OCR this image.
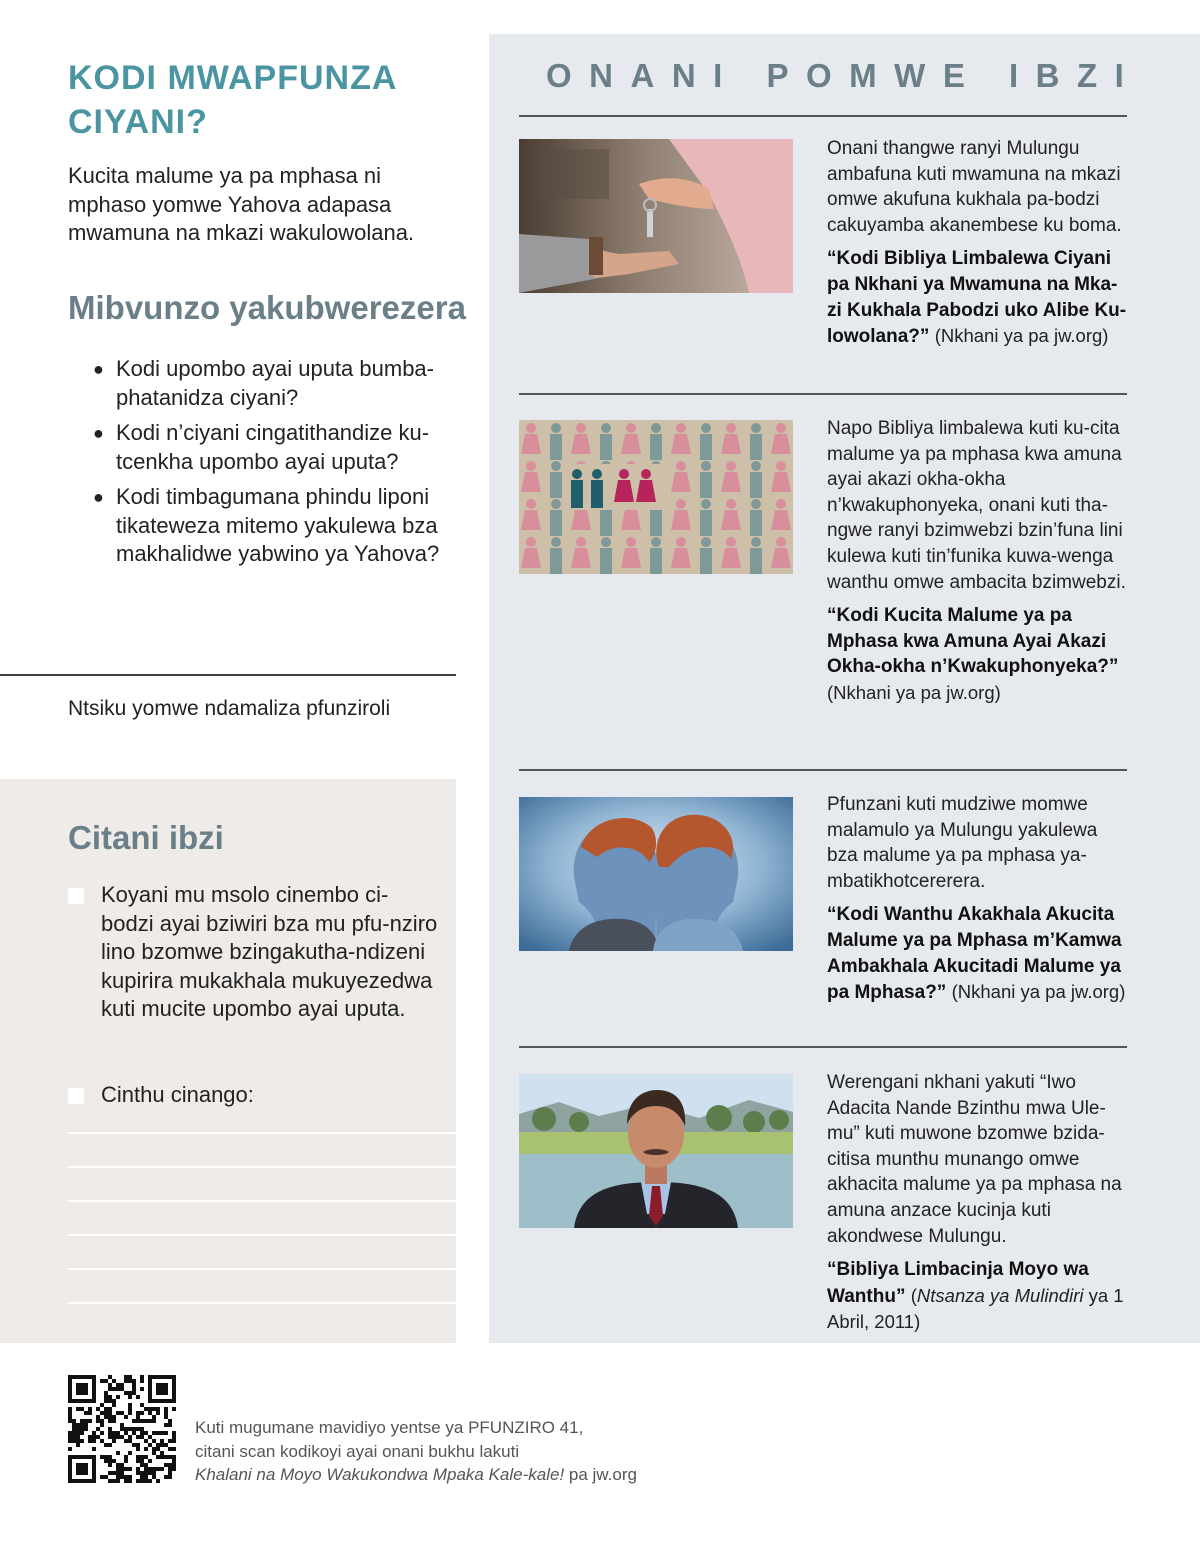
KODI MWAPFUNZA CIYANI?

Kucita malume ya pa mphasa ni mphaso yomwe Yahova adapasa mwamuna na mkazi wakulowolana.

Mibvunzo yakubwerezera
● Kodi upombo ayai uputa bumba-phatanidza ciyani?
● Kodi n’ciyani cingatithandize ku-tcenkha upombo ayai uputa?
● Kodi timbagumana phindu liponi tikateweza mitemo yakulewa bza makhalidwe yabwino ya Yahova?

Ntsiku yomwe ndamaliza pfunziroli

Citani ibzi
Koyani mu msolo cinembo ci-bodzi ayai bziwiri bza mu pfu-nziro lino bzomwe bzingakutha-ndizeni kupirira mukakhala mukuyezedwa kuti mucite upombo ayai uputa.
Cinthu cinango:
ONANI POMWE IBZI

Onani thangwe ranyi Mulungu ambafuna kuti mwamuna na mkazi omwe akufuna kukhala pa-bodzi cakuyamba akanembese ku boma.

“Kodi Bibliya Limbalewa Ciyani pa Nkhani ya Mwamuna na Mka-zi Kukhala Pabodzi uko Alibe Ku-lowolana?” (Nkhani ya pa jw.org)

Napo Bibliya limbalewa kuti ku-cita malume ya pa mphasa kwa amuna ayai akazi okha-okha n’kwakuphonyeka, onani kuti tha-ngwe ranyi bzimwebzi bzin’funa lini kulewa kuti tin’funika kuwa-wenga wanthu omwe ambacita bzimwebzi.

“Kodi Kucita Malume ya pa Mphasa kwa Amuna Ayai Akazi Okha-okha n’Kwakuphonyeka?” (Nkhani ya pa jw.org)

Pfunzani kuti mudziwe momwe malamulo ya Mulungu yakulewa bza malume ya pa mphasa ya-mbatikhotcererera.

“Kodi Wanthu Akakhala Akucita Malume ya pa Mphasa m’Kamwa Ambakhala Akucitadi Malume ya pa Mphasa?” (Nkhani ya pa jw.org)

Werengani nkhani yakuti “Iwo Adacita Nande Bzinthu mwa Ule-mu” kuti muwone bzomwe bzida-citisa munthu munango omwe akhacita malume ya pa mphasa na amuna anzace kucinja kuti akondwese Mulungu.

“Bibliya Limbacinja Moyo wa Wanthu” (Ntsanza ya Mulindiri ya 1 Abril, 2011)

Kuti mugumane mavidiyo yentse ya PFUNZIRO 41,
citani scan kodikoyi ayai onani bukhu lakuti
Khalani na Moyo Wakukondwa Mpaka Kale-kale! pa jw.org
